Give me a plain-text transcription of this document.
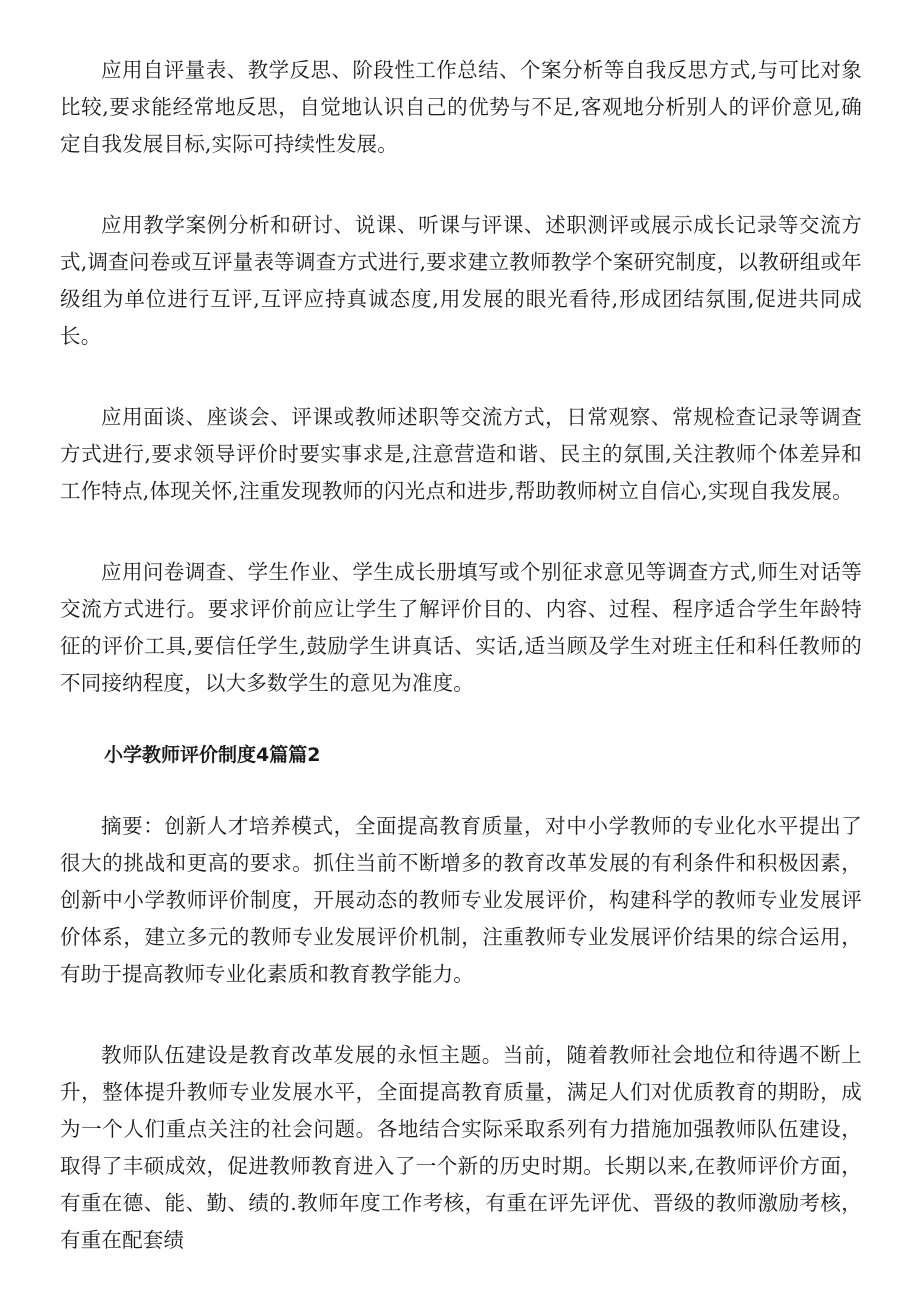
应用自评量表、教学反思、阶段性工作总结、个案分析等自我反思方式,与可比对象比较,要求能经常地反思，自觉地认识自己的优势与不足,客观地分析别人的评价意见,确定自我发展目标,实际可持续性发展。

应用教学案例分析和研讨、说课、听课与评课、述职测评或展示成长记录等交流方式,调查问卷或互评量表等调查方式进行,要求建立教师教学个案研究制度，以教研组或年级组为单位进行互评,互评应持真诚态度,用发展的眼光看待,形成团结氛围,促进共同成长。

应用面谈、座谈会、评课或教师述职等交流方式，日常观察、常规检查记录等调查方式进行,要求领导评价时要实事求是,注意营造和谐、民主的氛围,关注教师个体差异和工作特点,体现关怀,注重发现教师的闪光点和进步,帮助教师树立自信心,实现自我发展。

应用问卷调查、学生作业、学生成长册填写或个别征求意见等调查方式,师生对话等交流方式进行。要求评价前应让学生了解评价目的、内容、过程、程序适合学生年龄特征的评价工具,要信任学生,鼓励学生讲真话、实话,适当顾及学生对班主任和科任教师的不同接纳程度，以大多数学生的意见为准度。

小学教师评价制度4篇篇2

摘要：创新人才培养模式，全面提高教育质量，对中小学教师的专业化水平提出了很大的挑战和更高的要求。抓住当前不断增多的教育改革发展的有利条件和积极因素，创新中小学教师评价制度，开展动态的教师专业发展评价，构建科学的教师专业发展评价体系，建立多元的教师专业发展评价机制，注重教师专业发展评价结果的综合运用，有助于提高教师专业化素质和教育教学能力。

教师队伍建设是教育改革发展的永恒主题。当前，随着教师社会地位和待遇不断上升，整体提升教师专业发展水平，全面提高教育质量，满足人们对优质教育的期盼，成为一个人们重点关注的社会问题。各地结合实际采取系列有力措施加强教师队伍建设，取得了丰硕成效，促进教师教育进入了一个新的历史时期。长期以来,在教师评价方面，有重在德、能、勤、绩的.教师年度工作考核，有重在评先评优、晋级的教师激励考核，有重在配套绩
